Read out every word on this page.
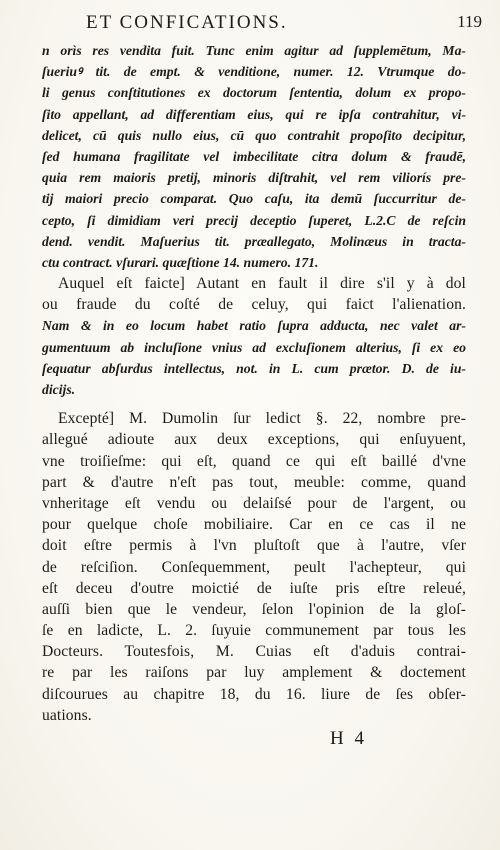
ET CONFICATIONS.	119
n orìs res vendita fuit. Tunc enim agitur ad ſupplemētum, Ma-
ſueriuꝰ tit. de empt. & venditione, numer. 12. Vtrumque do-
li genus conſtitutiones ex doctorum ſententia, dolum ex propo-
ſito appellant, ad differentiam eius, qui re ipſa contrahitur, vi-
delicet, cū quis nullo eius, cū quo contrahit propoſito decipitur,
ſed humana fragilitate vel imbecilitate citra dolum & fraudē,
quia rem maioris pretij, minoris diſtrahit, vel rem viliorís pre-
tij maiori precio comparat. Quo caſu, ita demū ſuccurritur de-
cepto, ſi dimidiam veri precij deceptio ſuperet, L.2.C de reſcin
dend. vendit. Maſuerius tit. præallegato, Molinæus in tracta-
ctu contract. vſurari. quæſtione 14. numero. 171.
Auquel eſt faicte] Autant en fault il dire s'il y à dol
ou fraude du coſté de celuy, qui faict l'alienation.
Nam & in eo locum habet ratio ſupra adducta, nec valet ar-
gumentuum ab incluſione vnius ad excluſionem alterius, ſi ex eo
ſequatur abſurdus intellectus, not. in L. cum prætor. D. de iu-
dicijs.
Excepté] M. Dumolin ſur ledict §. 22, nombre pre-
allegué adioute aux deux exceptions, qui enſuyuent,
vne troiſieſme: qui eſt, quand ce qui eſt baillé d'vne
part & d'autre n'eſt pas tout, meuble: comme, quand
vnheritage eſt vendu ou delaiſsé pour de l'argent, ou
pour quelque choſe mobiliaire. Car en ce cas il ne
doit eſtre permis à l'vn pluſtoſt que à l'autre, vſer
de reſciſion. Conſequemment, peult l'achepteur, qui
eſt deceu d'outre moictié de iuſte pris eſtre releué,
auſſi bien que le vendeur, ſelon l'opinion de la gloſ-
ſe en ladicte, L. 2. ſuyuie communement par tous les
Docteurs. Toutesfois, M. Cuias eſt d'aduis contrai-
re par les raiſons par luy amplement & doctement
diſcourues au chapitre 18, du 16. liure de ſes obſer-
uations.
H 4
